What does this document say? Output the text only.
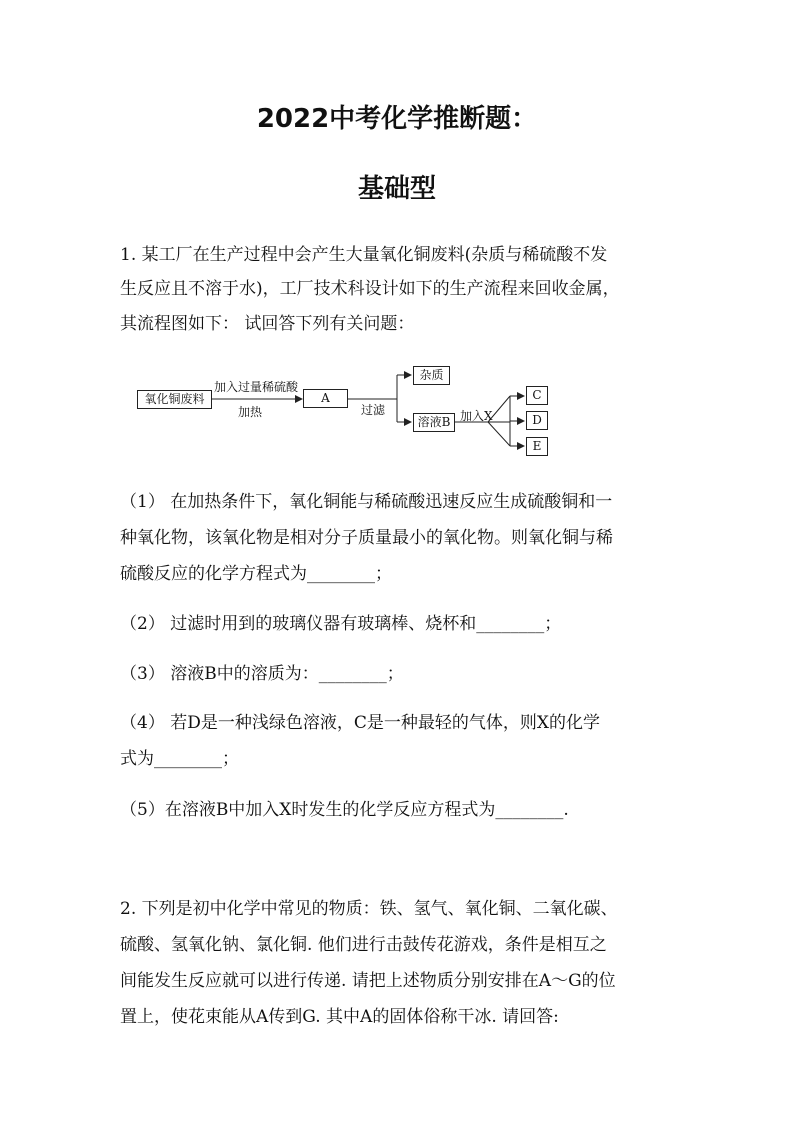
2022中考化学推断题：
基础型
1. 某工厂在生产过程中会产生大量氧化铜废料(杂质与稀硫酸不发
生反应且不溶于水)，工厂技术科设计如下的生产流程来回收金属，
其流程图如下： 试回答下列有关问题：
氧化铜废料
加入过量稀硫酸
加热
A
过滤
杂质
溶液B 加入X
C
D
E
（1） 在加热条件下，氧化铜能与稀硫酸迅速反应生成硫酸铜和一
种氧化物，该氧化物是相对分子质量最小的氧化物。则氧化铜与稀
硫酸反应的化学方程式为________；
（2） 过滤时用到的玻璃仪器有玻璃棒、烧杯和________；
（3） 溶液B中的溶质为：________；
（4） 若D是一种浅绿色溶液，C是一种最轻的气体，则X的化学
式为________；
（5）在溶液B中加入X时发生的化学反应方程式为________.
2. 下列是初中化学中常见的物质：铁、氢气、氧化铜、二氧化碳、
硫酸、氢氧化钠、氯化铜. 他们进行击鼓传花游戏，条件是相互之
间能发生反应就可以进行传递. 请把上述物质分别安排在A～G的位
置上，使花束能从A传到G. 其中A的固体俗称干冰. 请回答:
